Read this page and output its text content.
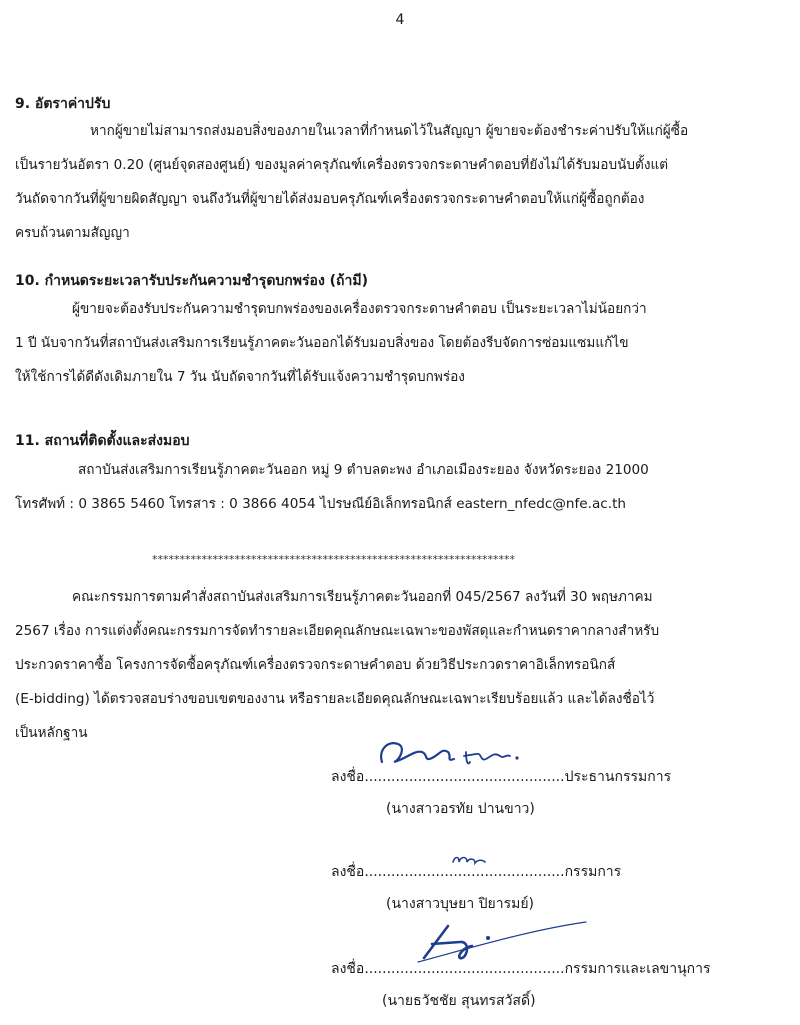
4
9. อัตราค่าปรับ
หากผู้ขายไม่สามารถส่งมอบสิ่งของภายในเวลาที่กำหนดไว้ในสัญญา ผู้ขายจะต้องชำระค่าปรับให้แก่ผู้ซื้อ
เป็นรายวันอัตรา 0.20 (ศูนย์จุดสองศูนย์) ของมูลค่าครุภัณฑ์เครื่องตรวจกระดาษคำตอบที่ยังไม่ได้รับมอบนับตั้งแต่
วันถัดจากวันที่ผู้ขายผิดสัญญา จนถึงวันที่ผู้ขายได้ส่งมอบครุภัณฑ์เครื่องตรวจกระดาษคำตอบให้แก่ผู้ซื้อถูกต้อง
ครบถ้วนตามสัญญา
10. กำหนดระยะเวลารับประกันความชำรุดบกพร่อง (ถ้ามี)
ผู้ขายจะต้องรับประกันความชำรุดบกพร่องของเครื่องตรวจกระดาษคำตอบ เป็นระยะเวลาไม่น้อยกว่า
1 ปี นับจากวันที่สถาบันส่งเสริมการเรียนรู้ภาคตะวันออกได้รับมอบสิ่งของ โดยต้องรีบจัดการซ่อมแซมแก้ไข
ให้ใช้การได้ดีดังเดิมภายใน 7 วัน นับถัดจากวันที่ได้รับแจ้งความชำรุดบกพร่อง
11. สถานที่ติดตั้งและส่งมอบ
สถาบันส่งเสริมการเรียนรู้ภาคตะวันออก หมู่ 9 ตำบลตะพง อำเภอเมืองระยอง จังหวัดระยอง 21000
โทรศัพท์ : 0 3865 5460 โทรสาร : 0 3866 4054 ไปรษณีย์อิเล็กทรอนิกส์ eastern_nfedc@nfe.ac.th
******************************************************************
คณะกรรมการตามคำสั่งสถาบันส่งเสริมการเรียนรู้ภาคตะวันออกที่ 045/2567 ลงวันที่ 30 พฤษภาคม
2567 เรื่อง การแต่งตั้งคณะกรรมการจัดทำรายละเอียดคุณลักษณะเฉพาะของพัสดุและกำหนดราคากลางสำหรับ
ประกวดราคาซื้อ โครงการจัดซื้อครุภัณฑ์เครื่องตรวจกระดาษคำตอบ ด้วยวิธีประกวดราคาอิเล็กทรอนิกส์
(E-bidding) ได้ตรวจสอบร่างขอบเขตของงาน หรือรายละเอียดคุณลักษณะเฉพาะเรียบร้อยแล้ว และได้ลงชื่อไว้
เป็นหลักฐาน
ลงชื่อ.............................................ประธานกรรมการ
(นางสาวอรทัย ปานขาว)
ลงชื่อ.............................................กรรมการ
(นางสาวบุษยา ปิยารมย์)
ลงชื่อ.............................................กรรมการและเลขานุการ
(นายธวัชชัย สุนทรสวัสดิ์)
